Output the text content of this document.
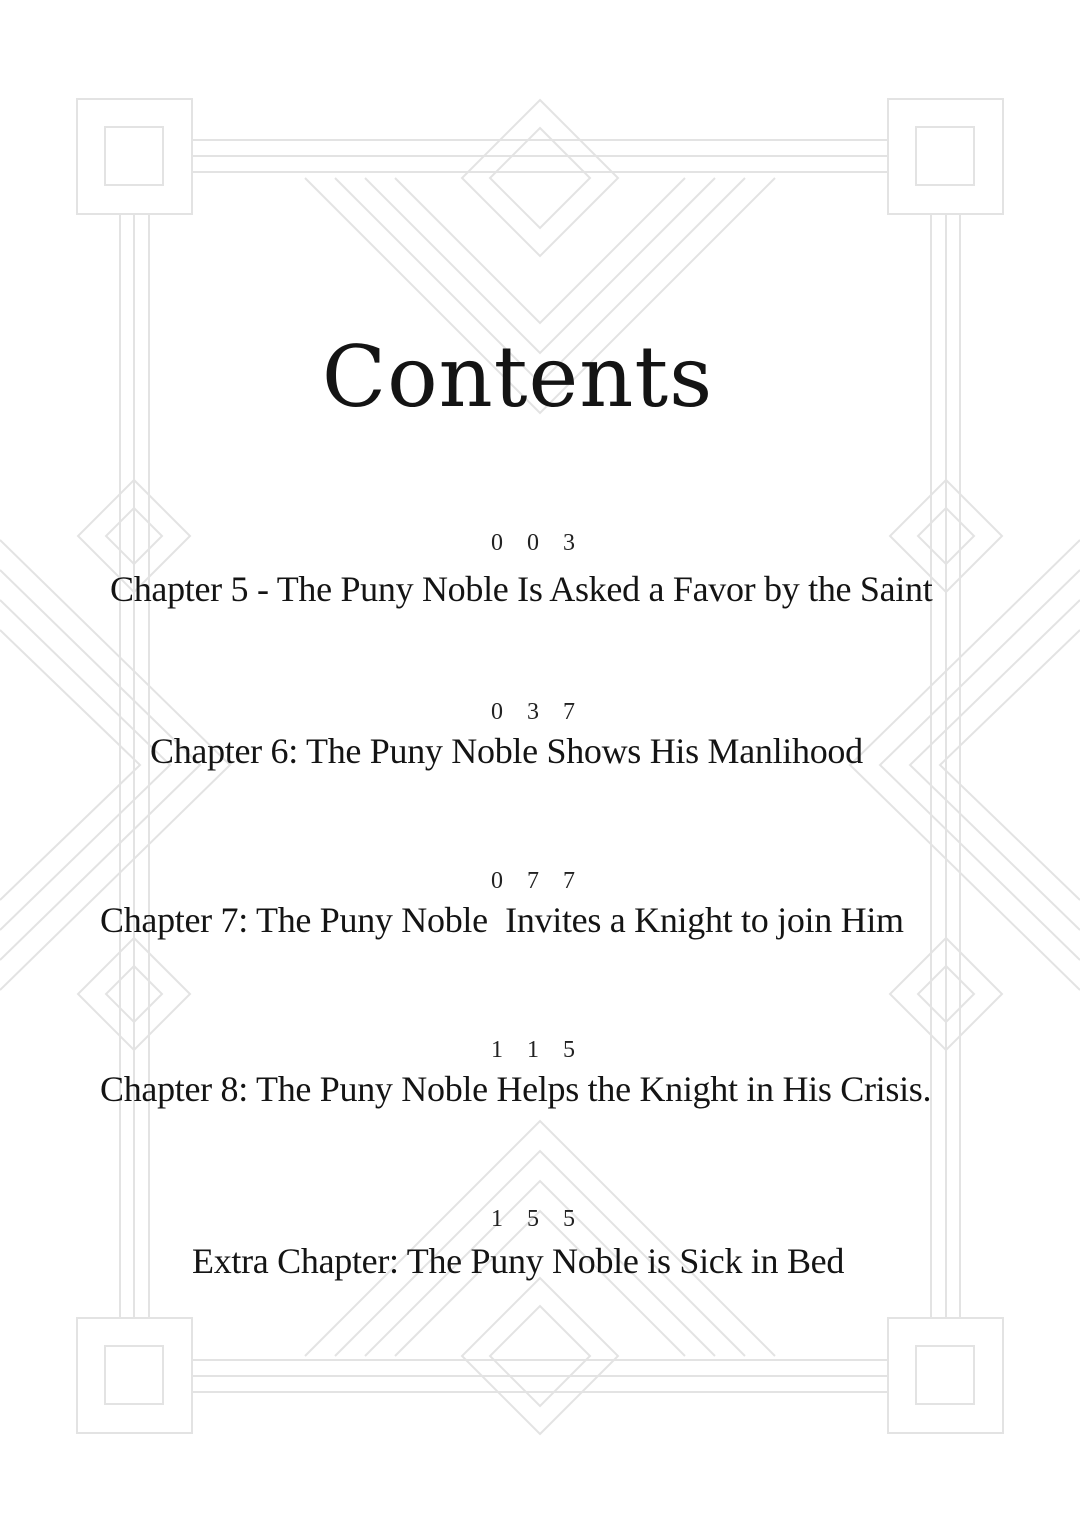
Contents
0 0 3
Chapter 5 - The Puny Noble Is Asked a Favor by the Saint
0 3 7
Chapter 6: The Puny Noble Shows His Manlihood
0 7 7
Chapter 7: The Puny Noble  Invites a Knight to join Him
1 1 5
Chapter 8: The Puny Noble Helps the Knight in His Crisis.
1 5 5
Extra Chapter: The Puny Noble is Sick in Bed
